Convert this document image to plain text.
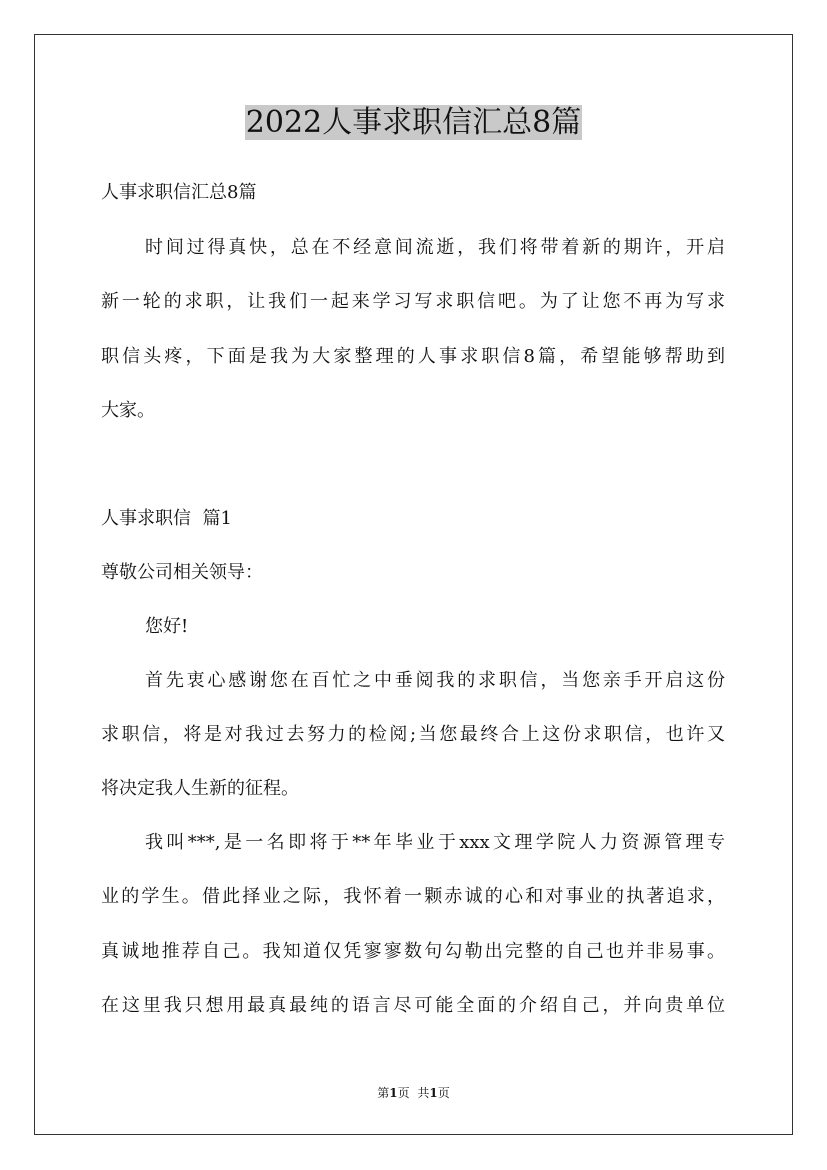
2022人事求职信汇总8篇
人事求职信汇总8篇
时间过得真快，总在不经意间流逝，我们将带着新的期许，开启
新一轮的求职，让我们一起来学习写求职信吧。为了让您不再为写求
职信头疼，下面是我为大家整理的人事求职信8篇，希望能够帮助到
大家。
人事求职信  篇1
尊敬公司相关领导：
您好!
首先衷心感谢您在百忙之中垂阅我的求职信，当您亲手开启这份
求职信，将是对我过去努力的检阅;当您最终合上这份求职信，也许又
将决定我人生新的征程。
我叫***,是一名即将于**年毕业于xxx文理学院人力资源管理专
业的学生。借此择业之际，我怀着一颗赤诚的心和对事业的执著追求，
真诚地推荐自己。我知道仅凭寥寥数句勾勒出完整的自己也并非易事。
在这里我只想用最真最纯的语言尽可能全面的介绍自己，并向贵单位
第1页 共1页
